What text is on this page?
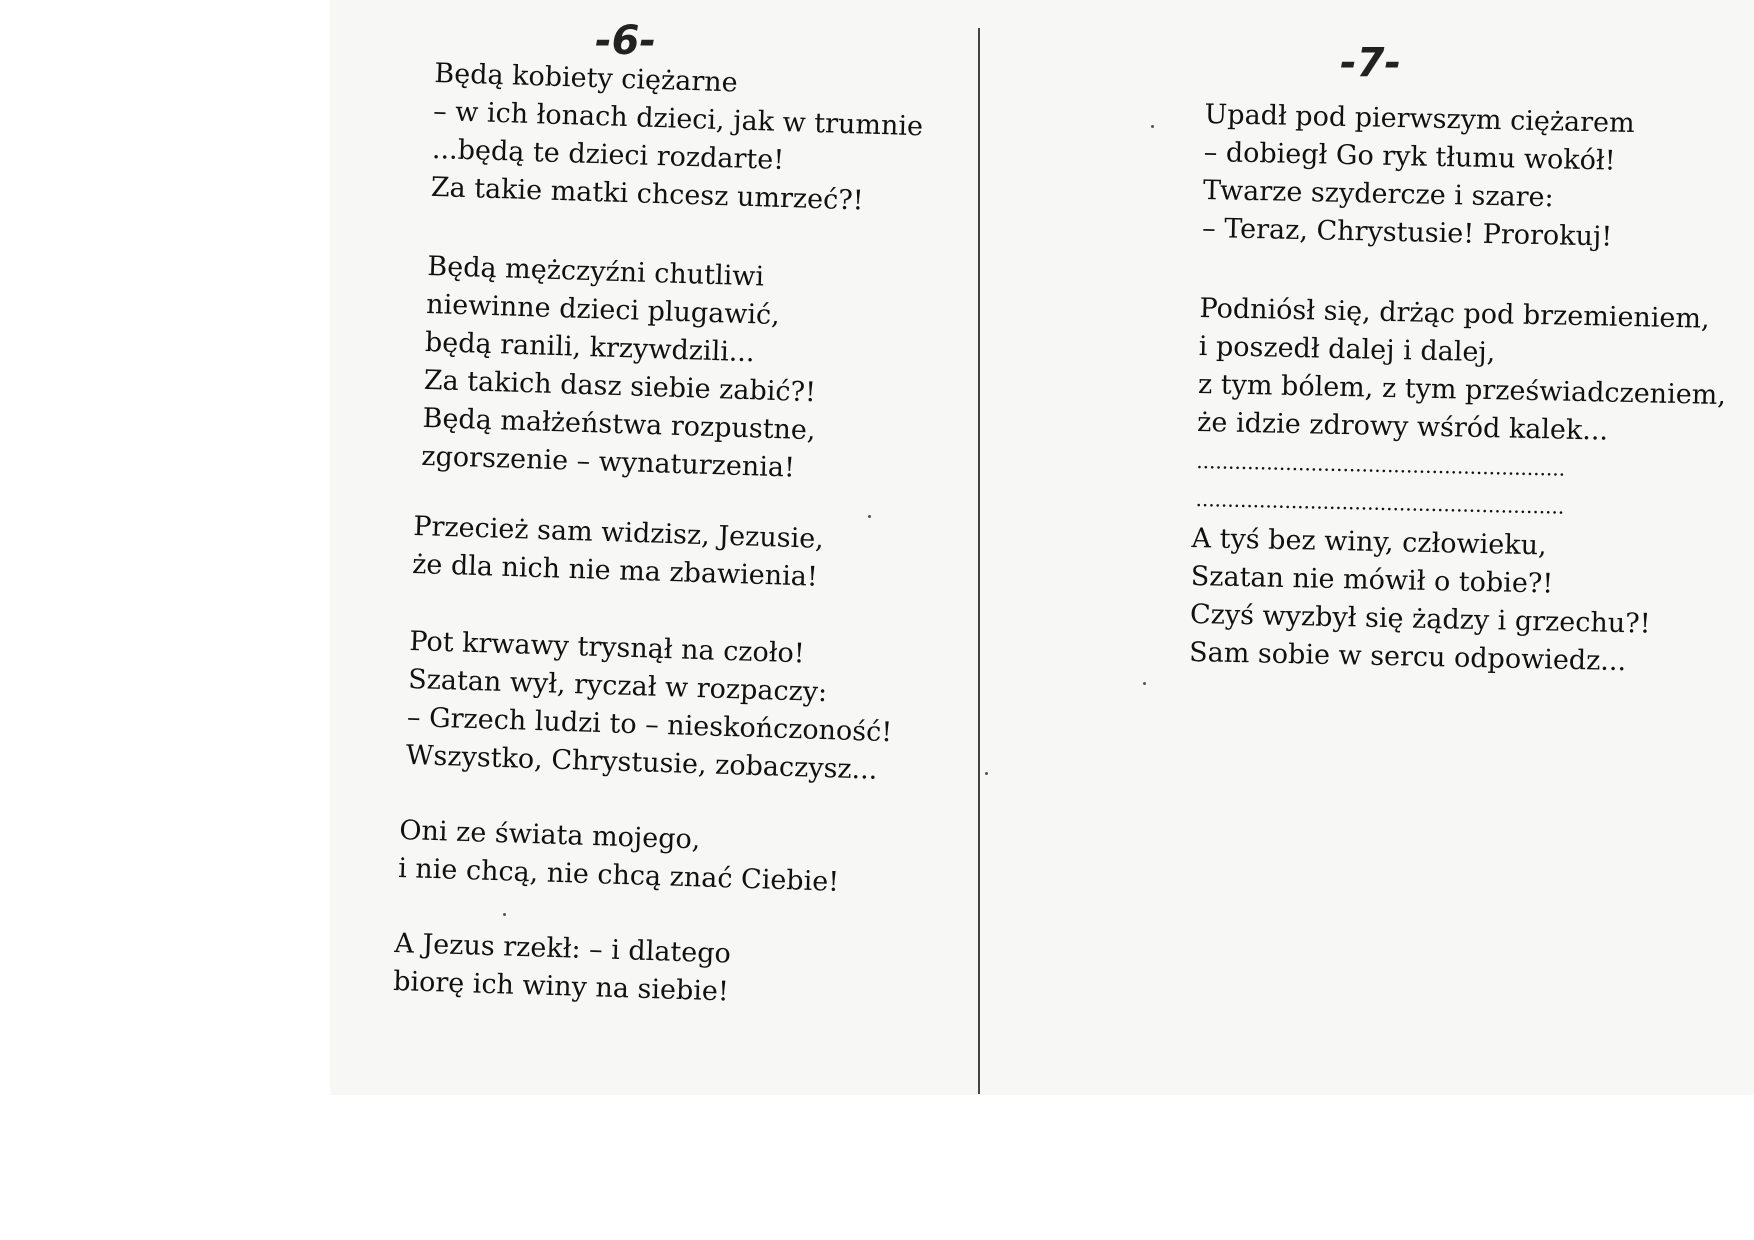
-6-
Będą kobiety ciężarne
– w ich łonach dzieci, jak w trumnie
...będą te dzieci rozdarte!
Za takie matki chcesz umrzeć?!
Będą mężczyźni chutliwi
niewinne dzieci plugawić,
będą ranili, krzywdzili...
Za takich dasz siebie zabić?!
Będą małżeństwa rozpustne,
zgorszenie – wynaturzenia!
Przecież sam widzisz, Jezusie,
że dla nich nie ma zbawienia!
Pot krwawy trysnął na czoło!
Szatan wył, ryczał w rozpaczy:
– Grzech ludzi to – nieskończoność!
Wszystko, Chrystusie, zobaczysz...
Oni ze świata mojego,
i nie chcą, nie chcą znać Ciebie!
A Jezus rzekł: – i dlatego
biorę ich winy na siebie!
-7-
Upadł pod pierwszym ciężarem
– dobiegł Go ryk tłumu wokół!
Twarze szydercze i szare:
– Teraz, Chrystusie! Prorokuj!
Podniósł się, drżąc pod brzemieniem,
i poszedł dalej i dalej,
z tym bólem, z tym przeświadczeniem,
że idzie zdrowy wśród kalek...
..........................................................
..........................................................
A tyś bez winy, człowieku,
Szatan nie mówił o tobie?!
Czyś wyzbył się żądzy i grzechu?!
Sam sobie w sercu odpowiedz...
